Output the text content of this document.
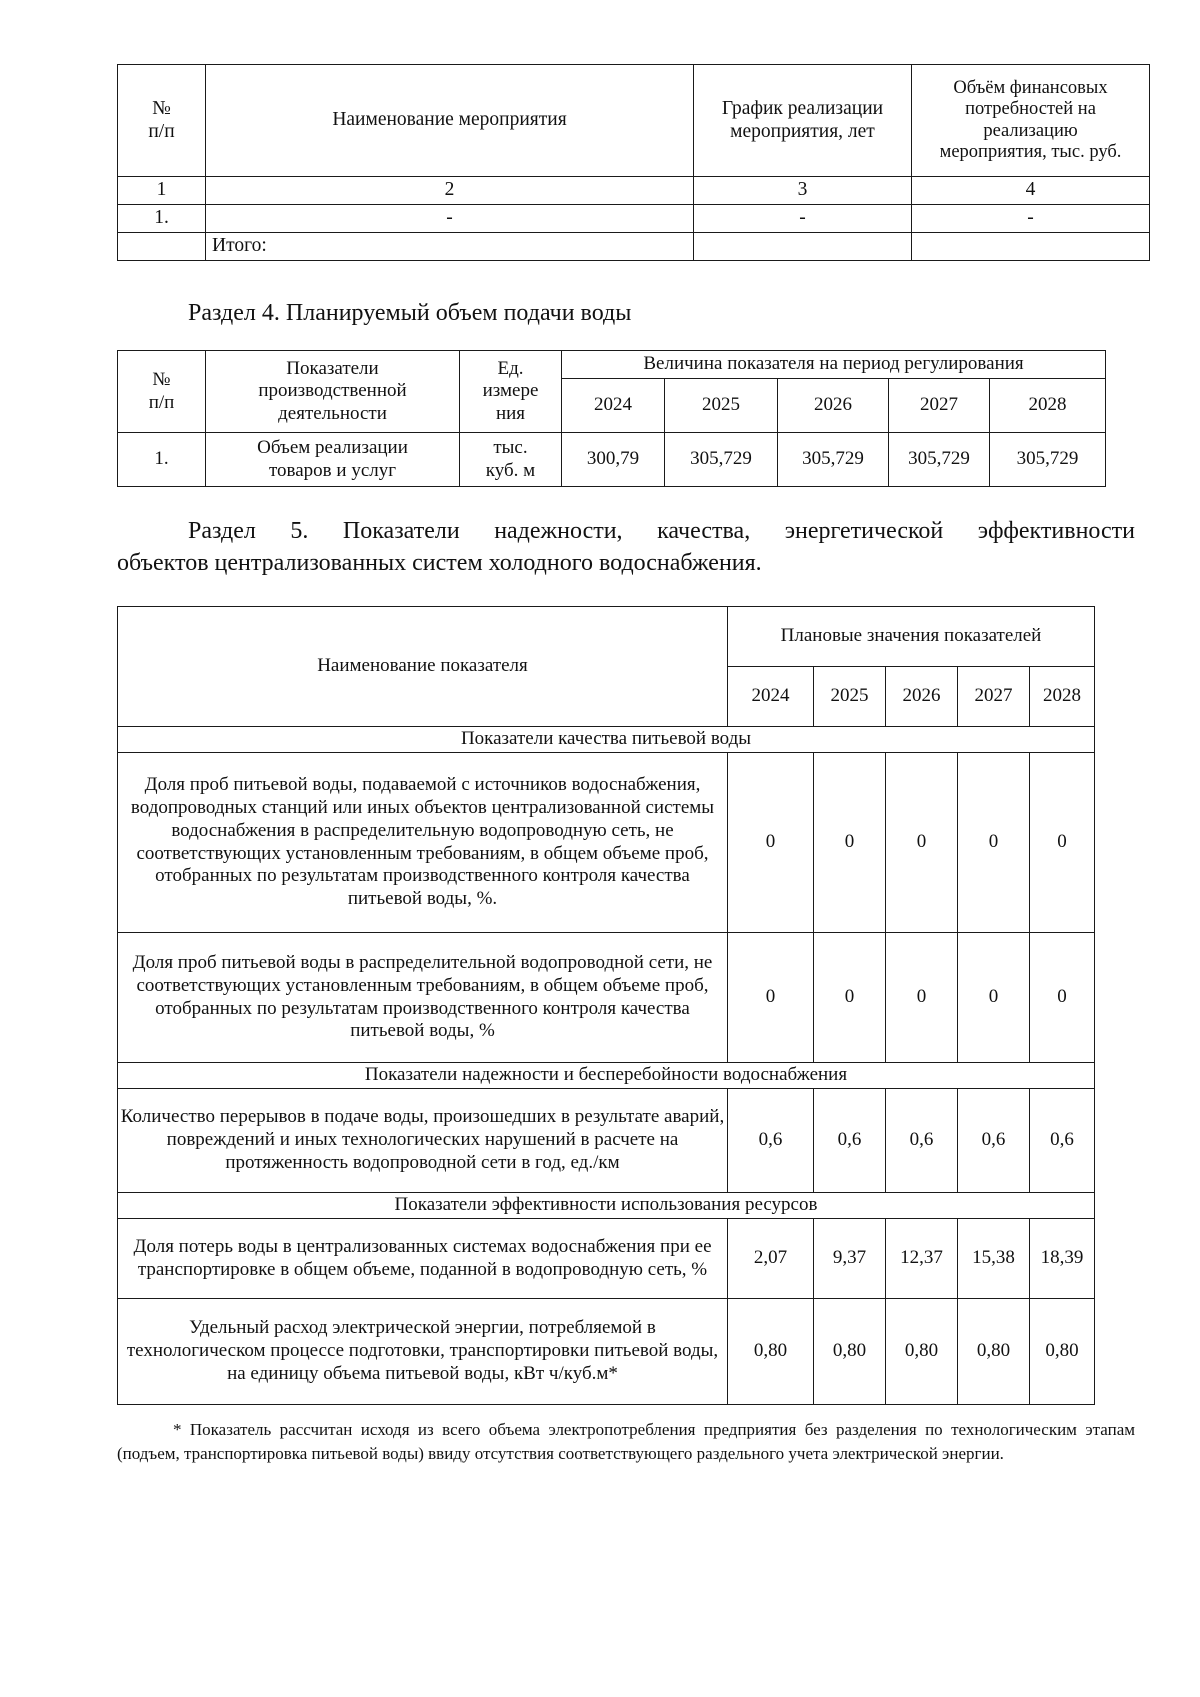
№
п/п	Наименование мероприятия	График реализации
мероприятия, лет	Объём финансовых
потребностей на
реализацию
мероприятия, тыс. руб.
1	2	3	4
1.	-	-	-
	Итого:		
Раздел 4. Планируемый объем подачи воды
№
п/п	Показатели
производственной
деятельности	Ед.
измере
ния	Величина показателя на период регулирования				
			2024	2025	2026	2027	2028
1.	Объем реализации
товаров и услуг	тыс.
куб. м	300,79	305,729	305,729	305,729	305,729
Раздел 5. Показатели надежности, качества, энергетической эффективности
объектов централизованных систем холодного водоснабжения.
Наименование показателя	Плановые значения показателей				
	2024	2025	2026	2027	2028
Показатели качества питьевой воды					
Доля проб питьевой воды, подаваемой с источников водоснабжения, водопроводных станций или иных объектов централизованной системы водоснабжения в распределительную водопроводную сеть, не соответствующих установленным требованиям, в общем объеме проб, отобранных по результатам производственного контроля качества питьевой воды, %.	0	0	0	0	0
Доля проб питьевой воды в распределительной водопроводной сети, не соответствующих установленным требованиям, в общем объеме проб, отобранных по результатам производственного контроля качества питьевой воды, %	0	0	0	0	0
Показатели надежности и бесперебойности водоснабжения					
Количество перерывов в подаче воды, произошедших в результате аварий, повреждений и иных технологических нарушений в расчете на протяженность водопроводной сети в год, ед./км	0,6	0,6	0,6	0,6	0,6
Показатели эффективности использования ресурсов					
Доля потерь воды в централизованных системах водоснабжения при ее транспортировке в общем объеме, поданной в водопроводную сеть, %	2,07	9,37	12,37	15,38	18,39
Удельный расход электрической энергии, потребляемой в технологическом процессе подготовки, транспортировки питьевой воды, на единицу объема питьевой воды, кВт ч/куб.м*	0,80	0,80	0,80	0,80	0,80
* Показатель рассчитан исходя из всего объема электропотребления предприятия без разделения по технологическим этапам (подъем, транспортировка питьевой воды) ввиду отсутствия соответствующего раздельного учета электрической энергии.
